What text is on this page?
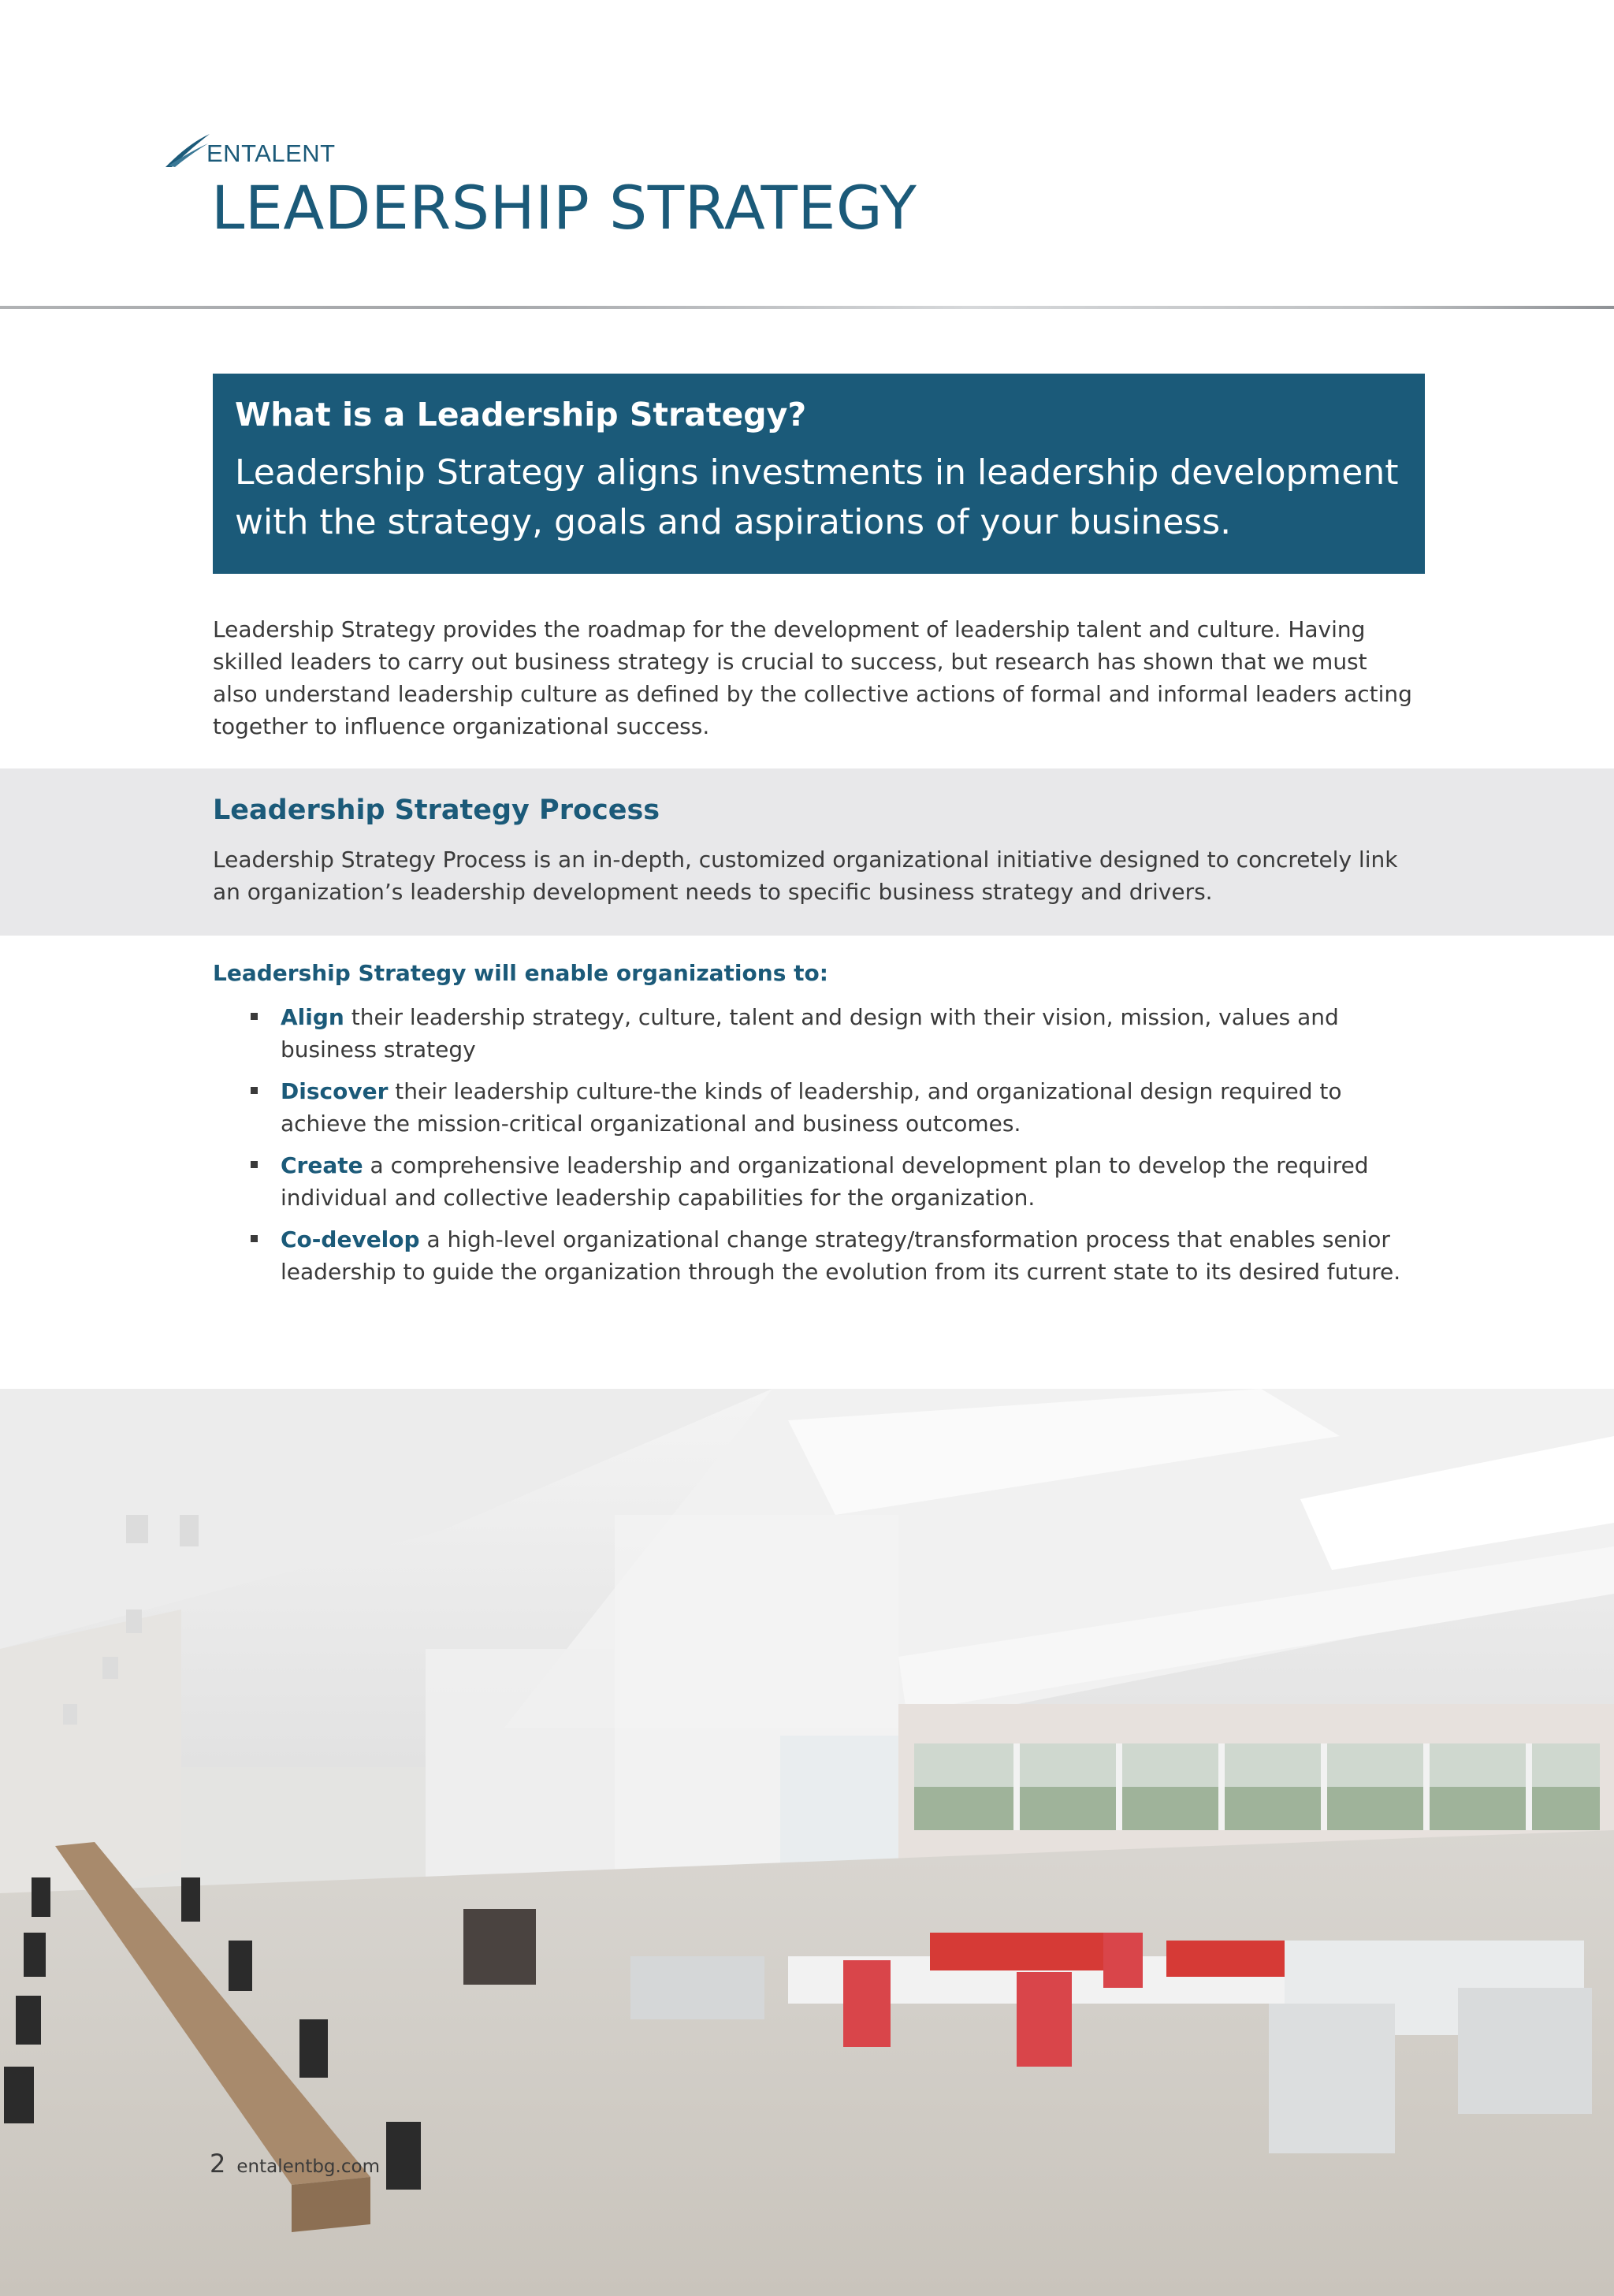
ENTALENT
LEADERSHIP STRATEGY

What is a Leadership Strategy?

Leadership Strategy aligns investments in leadership development with the strategy, goals and aspirations of your business.

Leadership Strategy provides the roadmap for the development of leadership talent and culture. Having skilled leaders to carry out business strategy is crucial to success, but research has shown that we must also understand leadership culture as defined by the collective actions of formal and informal leaders acting together to influence organizational success.

Leadership Strategy Process

Leadership Strategy Process is an in-depth, customized organizational initiative designed to concretely link an organization’s leadership development needs to specific business strategy and drivers.

Leadership Strategy will enable organizations to:
Align their leadership strategy, culture, talent and design with their vision, mission, values and business strategy
Discover their leadership culture-the kinds of leadership, and organizational design required to achieve the mission-critical organizational and business outcomes.
Create a comprehensive leadership and organizational development plan to develop the required individual and collective leadership capabilities for the organization.
Co-develop a high-level organizational change strategy/transformation process that enables senior leadership to guide the organization through the evolution from its current state to its desired future.
2 entalentbg.com
